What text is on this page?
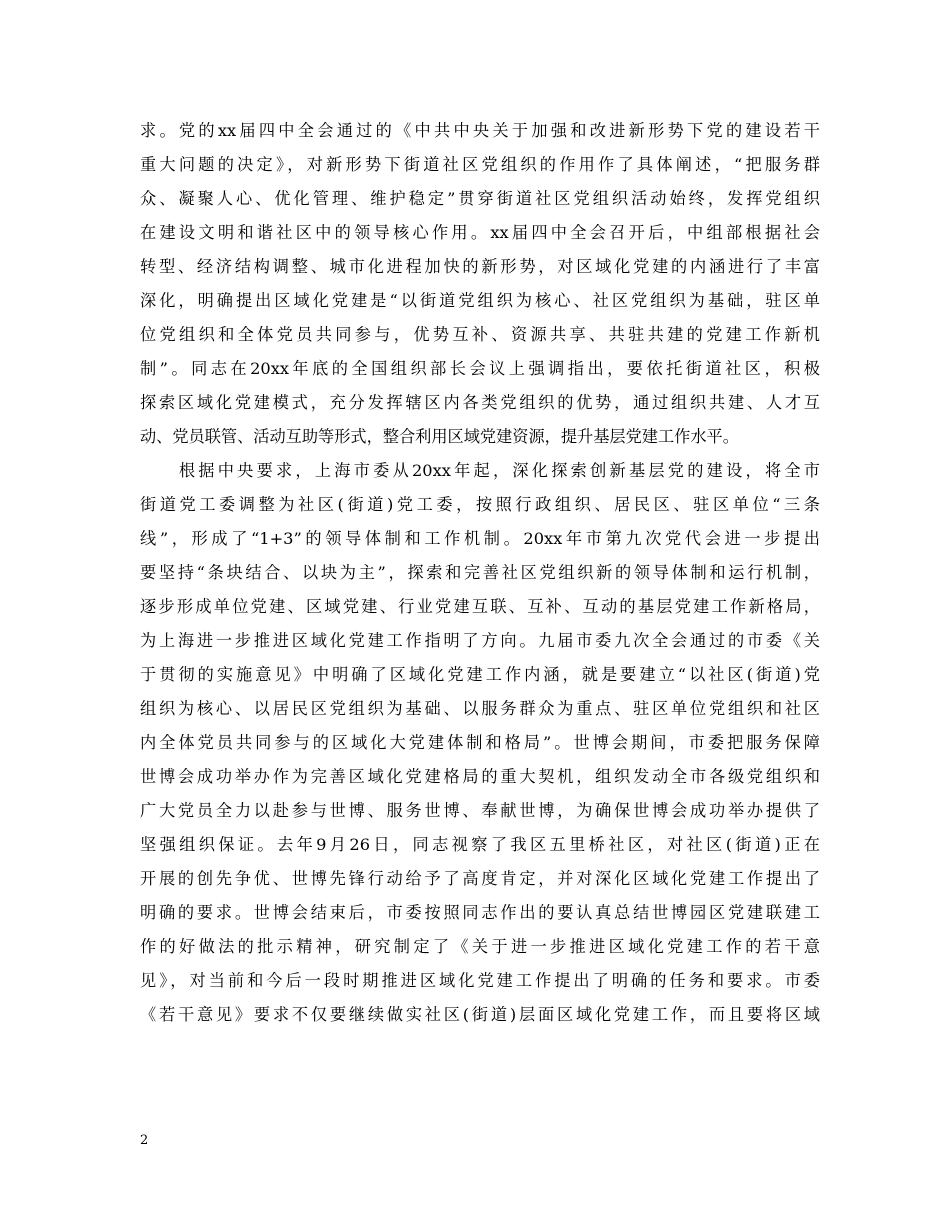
求。党的xx届四中全会通过的《中共中央关于加强和改进新形势下党的建设若干
重大问题的决定》，对新形势下街道社区党组织的作用作了具体阐述，“把服务群
众、凝聚人心、优化管理、维护稳定”贯穿街道社区党组织活动始终，发挥党组织
在建设文明和谐社区中的领导核心作用。xx届四中全会召开后，中组部根据社会
转型、经济结构调整、城市化进程加快的新形势，对区域化党建的内涵进行了丰富
深化，明确提出区域化党建是“以街道党组织为核心、社区党组织为基础，驻区单
位党组织和全体党员共同参与，优势互补、资源共享、共驻共建的党建工作新机
制”。同志在20xx年底的全国组织部长会议上强调指出，要依托街道社区，积极
探索区域化党建模式，充分发挥辖区内各类党组织的优势，通过组织共建、人才互
动、党员联管、活动互助等形式，整合利用区域党建资源，提升基层党建工作水平。
　　根据中央要求，上海市委从20xx年起，深化探索创新基层党的建设，将全市
街道党工委调整为社区(街道)党工委，按照行政组织、居民区、驻区单位“三条
线”，形成了“1+3”的领导体制和工作机制。20xx年市第九次党代会进一步提出
要坚持“条块结合、以块为主”，探索和完善社区党组织新的领导体制和运行机制，
逐步形成单位党建、区域党建、行业党建互联、互补、互动的基层党建工作新格局，
为上海进一步推进区域化党建工作指明了方向。九届市委九次全会通过的市委《关
于贯彻的实施意见》中明确了区域化党建工作内涵，就是要建立“以社区(街道)党
组织为核心、以居民区党组织为基础、以服务群众为重点、驻区单位党组织和社区
内全体党员共同参与的区域化大党建体制和格局”。世博会期间，市委把服务保障
世博会成功举办作为完善区域化党建格局的重大契机，组织发动全市各级党组织和
广大党员全力以赴参与世博、服务世博、奉献世博，为确保世博会成功举办提供了
坚强组织保证。去年9月26日，同志视察了我区五里桥社区，对社区(街道)正在
开展的创先争优、世博先锋行动给予了高度肯定，并对深化区域化党建工作提出了
明确的要求。世博会结束后，市委按照同志作出的要认真总结世博园区党建联建工
作的好做法的批示精神，研究制定了《关于进一步推进区域化党建工作的若干意
见》，对当前和今后一段时期推进区域化党建工作提出了明确的任务和要求。市委
《若干意见》要求不仅要继续做实社区(街道)层面区域化党建工作，而且要将区域
2
